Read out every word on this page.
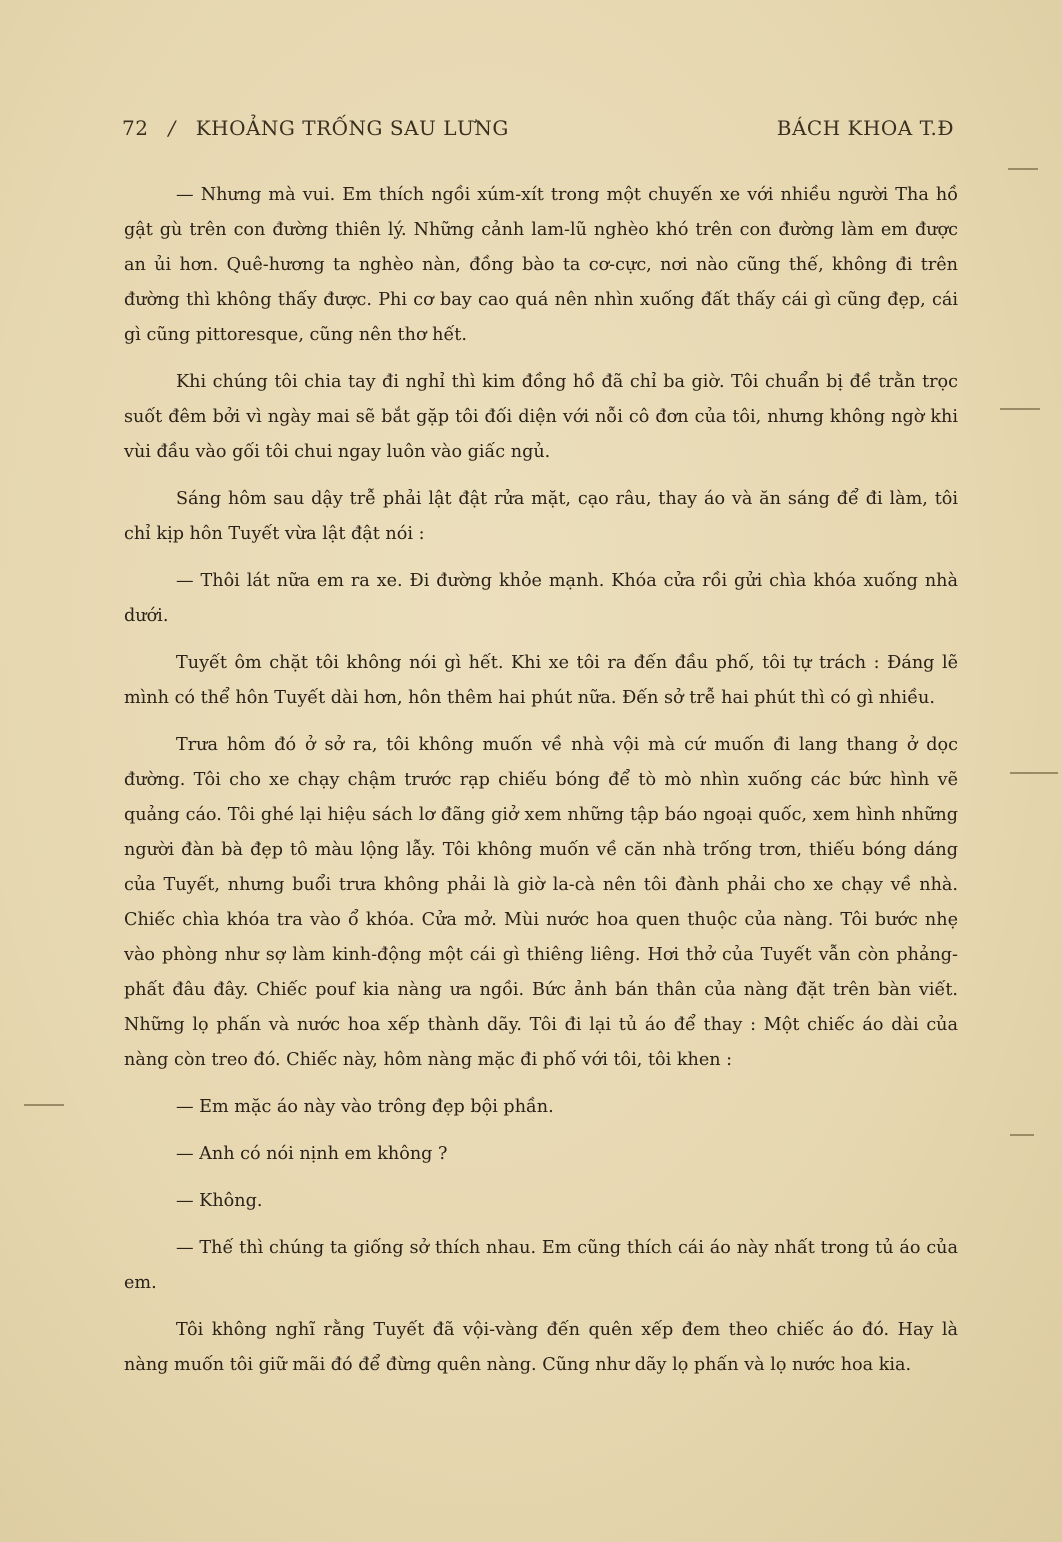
72 / KHOẢNG TRỐNG SAU LƯNG	BÁCH KHOA T.Đ

— Nhưng mà vui. Em thích ngồi xúm-xít trong một chuyến xe với nhiều người Tha hồ gật gù trên con đường thiên lý. Những cảnh lam-lũ nghèo khó trên con đường làm em được an ủi hơn. Quê-hương ta nghèo nàn, đồng bào ta cơ-cực, nơi nào cũng thế, không đi trên đường thì không thấy được. Phi cơ bay cao quá nên nhìn xuống đất thấy cái gì cũng đẹp, cái gì cũng pittoresque, cũng nên thơ hết.

Khi chúng tôi chia tay đi nghỉ thì kim đồng hồ đã chỉ ba giờ. Tôi chuẩn bị đề trằn trọc suốt đêm bởi vì ngày mai sẽ bắt gặp tôi đối diện với nỗi cô đơn của tôi, nhưng không ngờ khi vùi đầu vào gối tôi chui ngay luôn vào giấc ngủ.

Sáng hôm sau dậy trễ phải lật đật rửa mặt, cạo râu, thay áo và ăn sáng để đi làm, tôi chỉ kịp hôn Tuyết vừa lật đật nói :

— Thôi lát nữa em ra xe. Đi đường khỏe mạnh. Khóa cửa rồi gửi chìa khóa xuống nhà dưới.

Tuyết ôm chặt tôi không nói gì hết. Khi xe tôi ra đến đầu phố, tôi tự trách : Đáng lẽ mình có thể hôn Tuyết dài hơn, hôn thêm hai phút nữa. Đến sở trễ hai phút thì có gì nhiều.

Trưa hôm đó ở sở ra, tôi không muốn về nhà vội mà cứ muốn đi lang thang ở dọc đường. Tôi cho xe chạy chậm trước rạp chiếu bóng để tò mò nhìn xuống các bức hình vẽ quảng cáo. Tôi ghé lại hiệu sách lơ đãng giở xem những tập báo ngoại quốc, xem hình những người đàn bà đẹp tô màu lộng lẫy. Tôi không muốn về căn nhà trống trơn, thiếu bóng dáng của Tuyết, nhưng buổi trưa không phải là giờ la-cà nên tôi đành phải cho xe chạy về nhà. Chiếc chìa khóa tra vào ổ khóa. Cửa mở. Mùi nước hoa quen thuộc của nàng. Tôi bước nhẹ vào phòng như sợ làm kinh-động một cái gì thiêng liêng. Hơi thở của Tuyết vẫn còn phảng-phất đâu đây. Chiếc pouf kia nàng ưa ngồi. Bức ảnh bán thân của nàng đặt trên bàn viết. Những lọ phấn và nước hoa xếp thành dãy. Tôi đi lại tủ áo để thay : Một chiếc áo dài của nàng còn treo đó. Chiếc này, hôm nàng mặc đi phố với tôi, tôi khen :

— Em mặc áo này vào trông đẹp bội phần.

— Anh có nói nịnh em không ?

— Không.

— Thế thì chúng ta giống sở thích nhau. Em cũng thích cái áo này nhất trong tủ áo của em.

Tôi không nghĩ rằng Tuyết đã vội-vàng đến quên xếp đem theo chiếc áo đó. Hay là nàng muốn tôi giữ mãi đó để đừng quên nàng. Cũng như dãy lọ phấn và lọ nước hoa kia.
